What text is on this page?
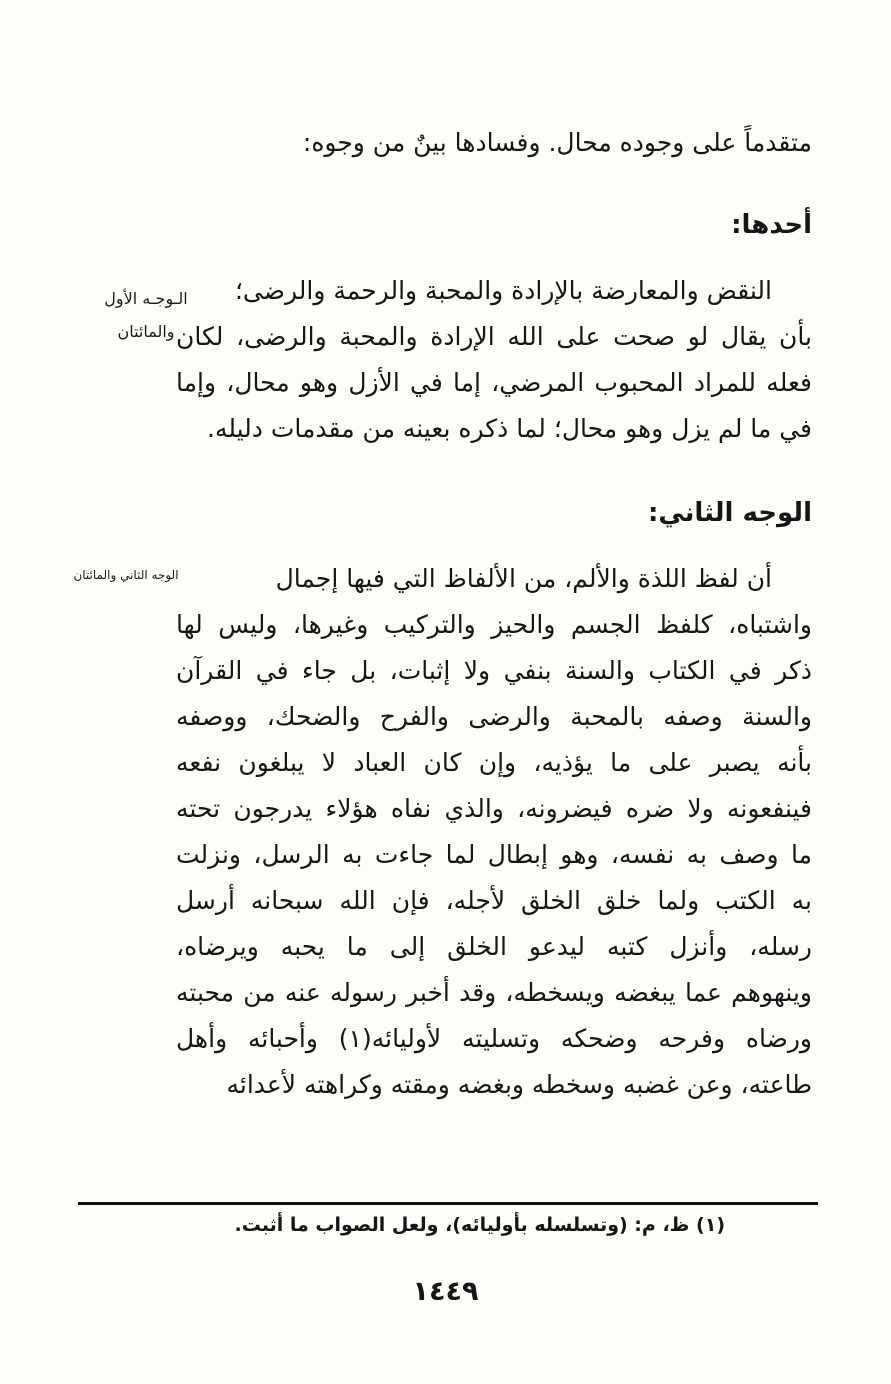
متقدماً على وجوده محال. وفسادها بينٌ من وجوه:
أحدها:
الـوجـه الأول
والمائتان
النقض والمعارضة بالإرادة والمحبة والرحمة والرضى؛
بأن يقال لو صحت على الله الإرادة والمحبة والرضى، لكان
فعله للمراد المحبوب المرضي، إما في الأزل وهو محال، وإما
في ما لم يزل وهو محال؛ لما ذكره بعينه من مقدمات دليله.
الوجه الثاني:
الوجه الثاني والمائتان	أن لفظ اللذة والألم، من الألفاظ التي فيها إجمال
واشتباه، كلفظ الجسم والحيز والتركيب وغيرها، وليس لها
ذكر في الكتاب والسنة بنفي ولا إثبات، بل جاء في القرآن
والسنة وصفه بالمحبة والرضى والفرح والضحك، ووصفه
بأنه يصبر على ما يؤذيه، وإن كان العباد لا يبلغون نفعه
فينفعونه ولا ضره فيضرونه، والذي نفاه هؤلاء يدرجون تحته
ما وصف به نفسه، وهو إبطال لما جاءت به الرسل، ونزلت
به الكتب ولما خلق الخلق لأجله، فإن الله سبحانه أرسل
رسله، وأنزل كتبه ليدعو الخلق إلى ما يحبه ويرضاه،
وينهوهم عما يبغضه ويسخطه، وقد أخبر رسوله عنه من محبته
ورضاه وفرحه وضحكه وتسليته لأوليائه(١) وأحبائه وأهل
طاعته، وعن غضبه وسخطه وبغضه ومقته وكراهته لأعدائه
(١) ظ، م: (وتسلسله بأوليائه)، ولعل الصواب ما أثبت.
١٤٤٩
